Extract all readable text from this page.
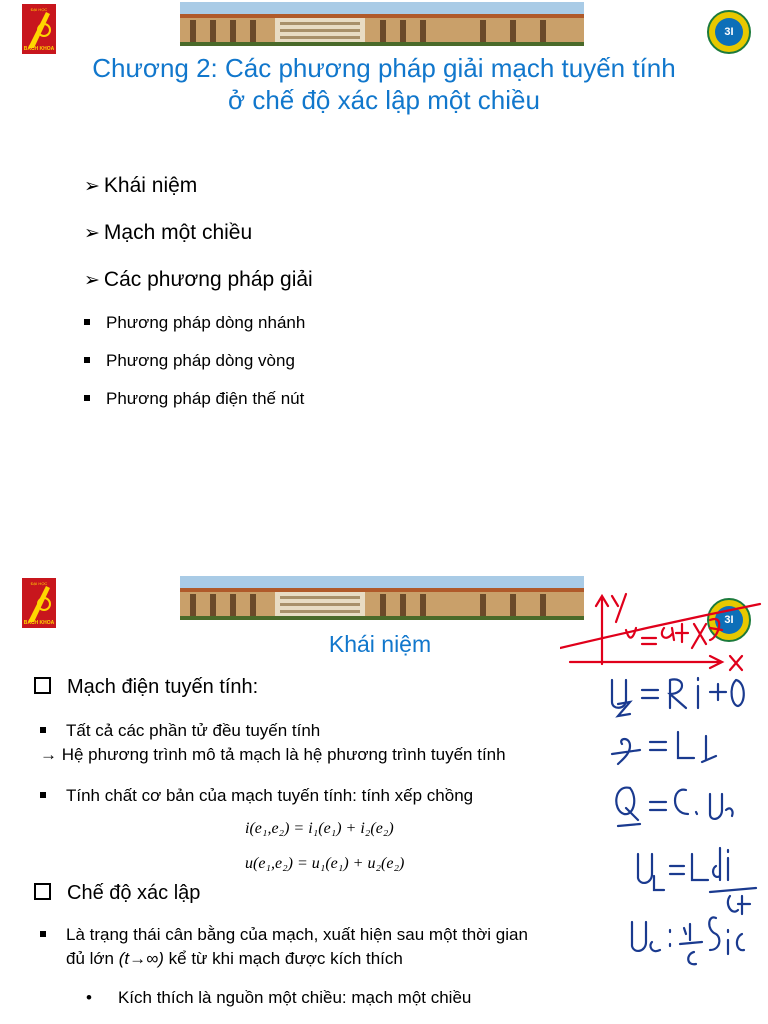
ĐẠI HỌC
BÁCH KHOA
3I
Chương 2: Các phương pháp giải mạch tuyến tính
ở chế độ xác lập một chiều
➢ Khái niệm
➢ Mạch một chiều
➢ Các phương pháp giải
Phương pháp dòng nhánh
Phương pháp dòng vòng
Phương pháp điện thế nút
ĐẠI HỌC
BÁCH KHOA	3I
Khái niệm
Mạch điện tuyến tính:
Tất cả các phần tử đều tuyến tính
→ Hệ phương trình mô tả mạch là hệ phương trình tuyến tính
Tính chất cơ bản của mạch tuyến tính: tính xếp chồng
i(e₁,e₂) = i₁(e₁) + i₂(e₂)
u(e₁,e₂) = u₁(e₁) + u₂(e₂)
Chế độ xác lập
Là trạng thái cân bằng của mạch, xuất hiện sau một thời gian
đủ lớn (t→∞) kể từ khi mạch được kích thích
• Kích thích là nguồn một chiều: mạch một chiều
